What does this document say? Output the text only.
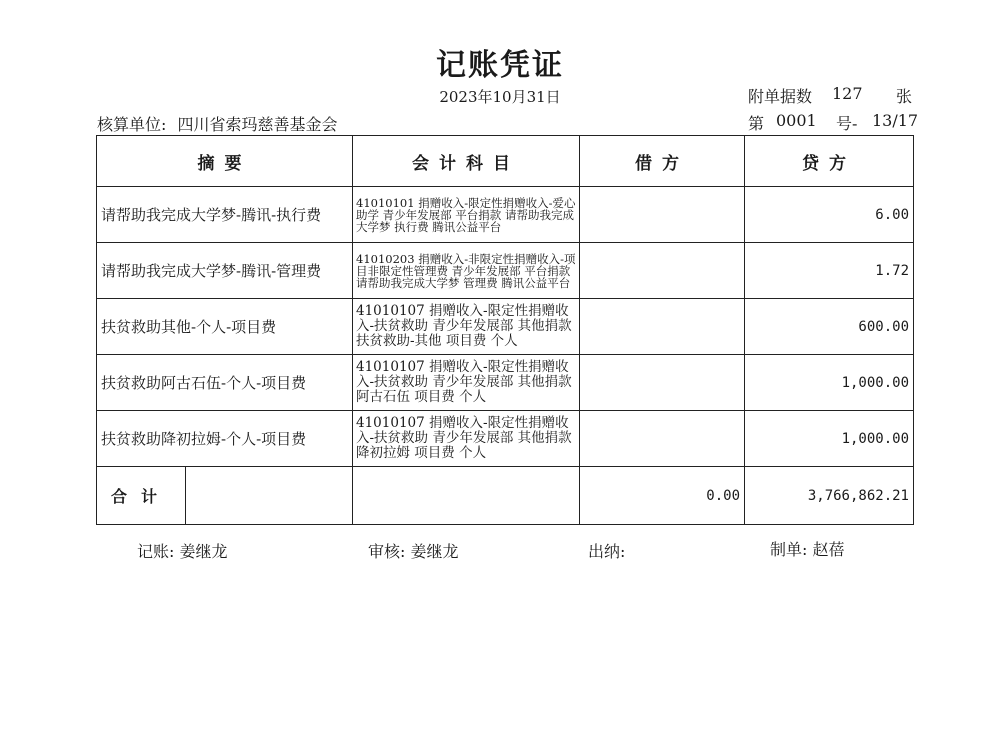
记账凭证
2023年10月31日	附单据数 127 张
核算单位: 四川省索玛慈善基金会	第 0001 号- 13/17
摘要	会计科目	借方	贷方
请帮助我完成大学梦-腾讯-执行费	41010101 捐赠收入-限定性捐赠收入-爱心助学 青少年发展部 平台捐款 请帮助我完成大学梦 执行费 腾讯公益平台		6.00
请帮助我完成大学梦-腾讯-管理费	41010203 捐赠收入-非限定性捐赠收入-项目非限定性管理费 青少年发展部 平台捐款 请帮助我完成大学梦 管理费 腾讯公益平台		1.72
扶贫救助其他-个人-项目费	41010107 捐赠收入-限定性捐赠收入-扶贫救助 青少年发展部 其他捐款 扶贫救助-其他 项目费 个人		600.00
扶贫救助阿古石伍-个人-项目费	41010107 捐赠收入-限定性捐赠收入-扶贫救助 青少年发展部 其他捐款 阿古石伍 项目费 个人		1,000.00
扶贫救助降初拉姆-个人-项目费	41010107 捐赠收入-限定性捐赠收入-扶贫救助 青少年发展部 其他捐款 降初拉姆 项目费 个人		1,000.00

合计		0.00	3,766,862.21
记账: 姜继龙	审核: 姜继龙	出纳:	制单: 赵蓓
